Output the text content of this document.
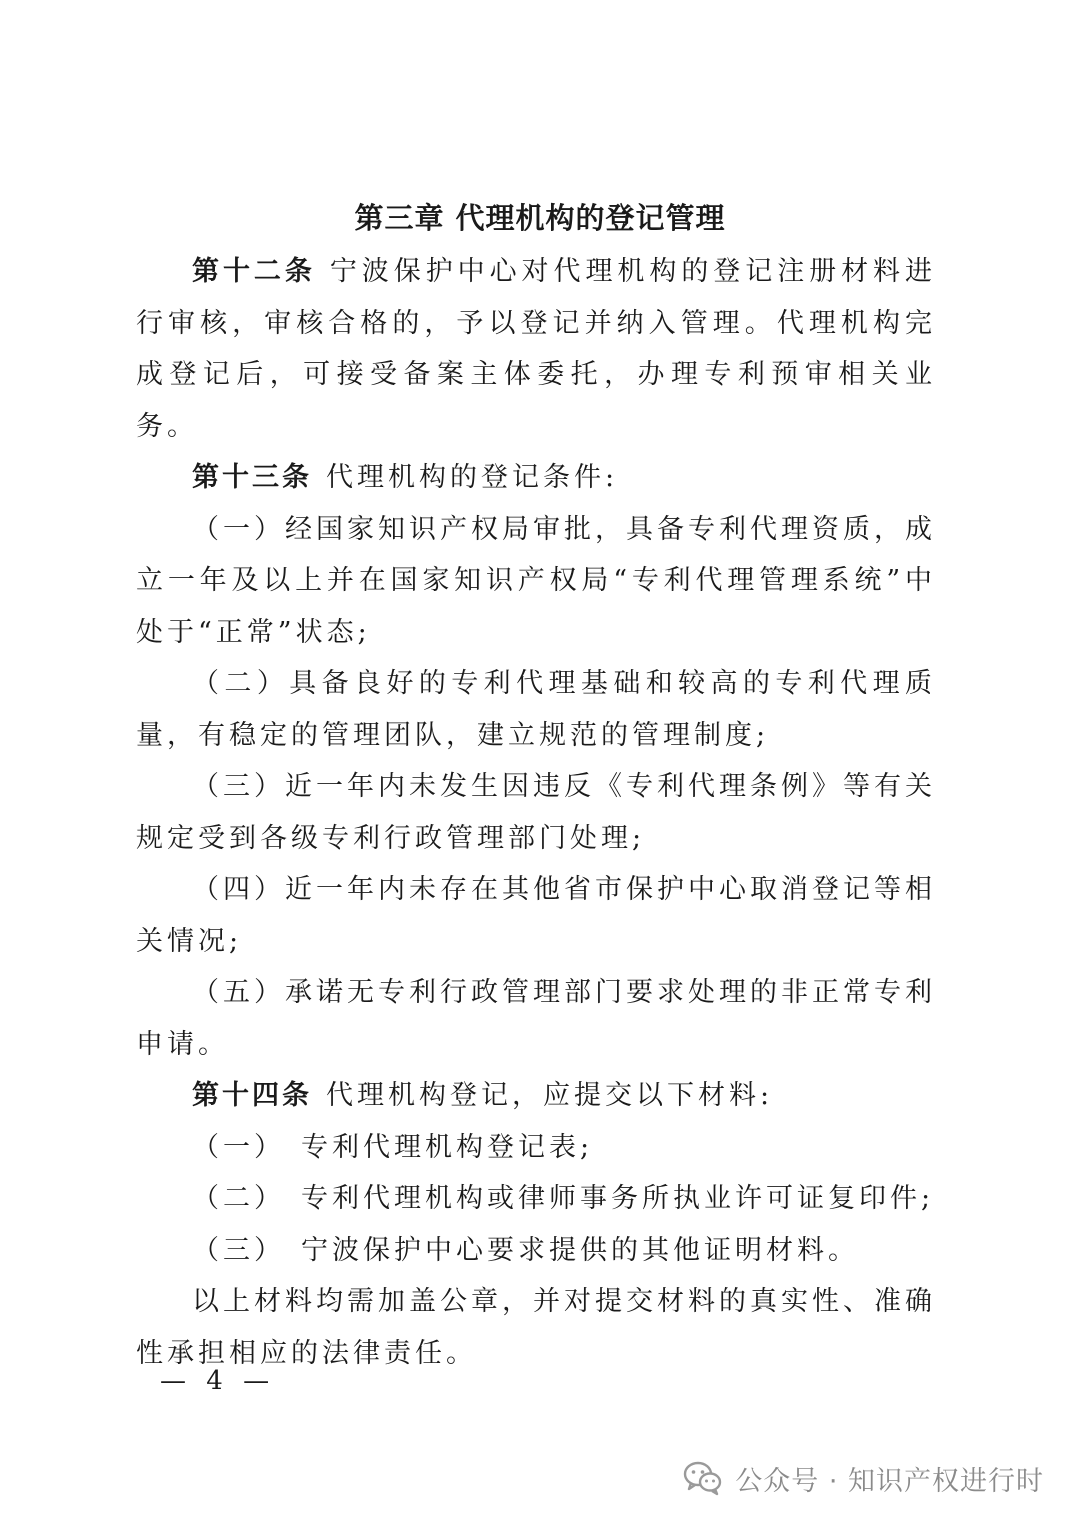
第三章 代理机构的登记管理

第十二条 宁波保护中心对代理机构的登记注册材料进行审核，审核合格的，予以登记并纳入管理。代理机构完成登记后，可接受备案主体委托，办理专利预审相关业务。

第十三条 代理机构的登记条件:

（一）经国家知识产权局审批，具备专利代理资质，成立一年及以上并在国家知识产权局“专利代理管理系统”中处于“正常”状态;

（二）具备良好的专利代理基础和较高的专利代理质量，有稳定的管理团队，建立规范的管理制度;

（三）近一年内未发生因违反《专利代理条例》等有关规定受到各级专利行政管理部门处理;

（四）近一年内未存在其他省市保护中心取消登记等相关情况;

（五）承诺无专利行政管理部门要求处理的非正常专利申请。

第十四条 代理机构登记，应提交以下材料:

（一） 专利代理机构登记表;

（二） 专利代理机构或律师事务所执业许可证复印件;

（三） 宁波保护中心要求提供的其他证明材料。

以上材料均需加盖公章，并对提交材料的真实性、准确性承担相应的法律责任。

— 4 —
公众号 · 知识产权进行时
